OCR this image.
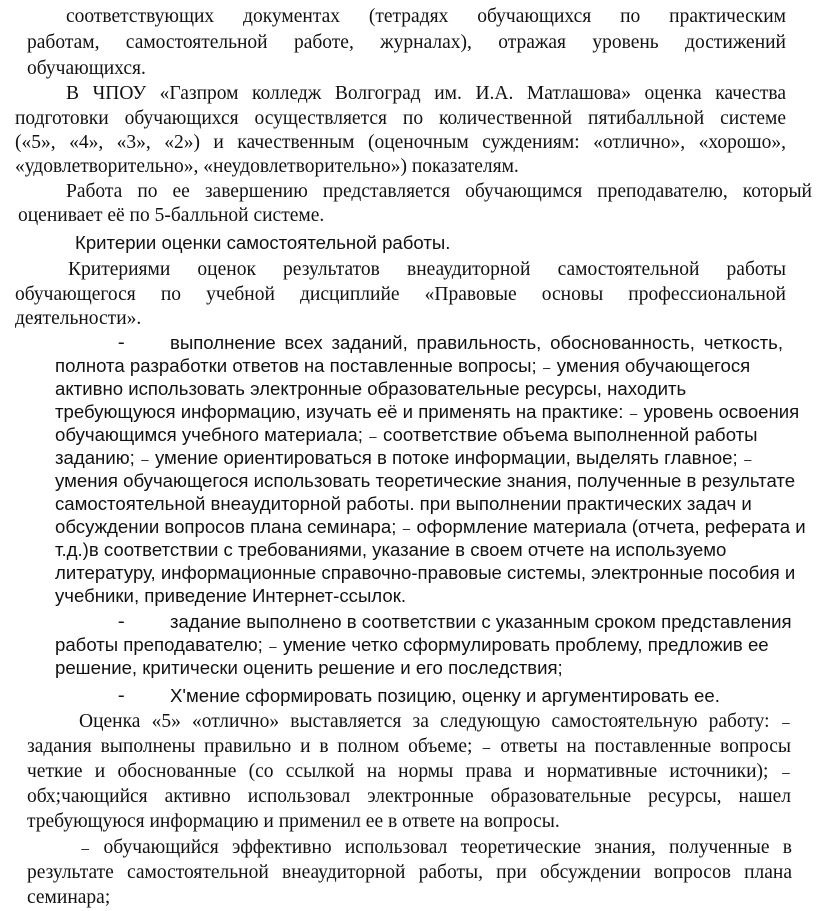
соответствующих документах (тетрадях обучающихся по практическим
работам, самостоятельной работе, журналах), отражая уровень достижений
обучающихся.
В ЧПОУ «Газпром колледж Волгоград им. И.А. Матлашова» оценка качества
подготовки обучающихся осуществляется по количественной пятибалльной системе
(«5», «4», «3», «2») и качественным (оценочным суждениям: «отлично», «хорошо»,
«удовлетворительно», «неудовлетворительно») показателям.
Работа по ее завершению представляется обучающимся преподавателю, который
оценивает её по 5-балльной системе.
Критерии оценки самостоятельной работы.
Критериями оценок результатов внеаудиторной самостоятельной работы
обучающегося по учебной дисциплийе «Правовые основы профессиональной
деятельности».
- выполнение всех заданий, правильность, обоснованность, четкость,
полнота разработки ответов на поставленные вопросы; ₋ умения обучающегося
активно использовать электронные образовательные ресурсы, находить
требующуюся информацию, изучать её и применять на практике: ₋ уровень освоения
обучающимся учебного материала; ₋ соответствие объема выполненной работы
заданию; ₋ умение ориентироваться в потоке информации, выделять главное; ₋
умения обучающегося использовать теоретические знания, полученные в результате
самостоятельной внеаудиторной работы. при выполнении практических задач и
обсуждении вопросов плана семинара; ₋ оформление материала (отчета, реферата и
т.д.)в соответствии с требованиями, указание в своем отчете на используемо
литературу, информационные справочно-правовые системы, электронные пособия и
учебники, приведение Интернет-ссылок.
- задание выполнено в соответствии с указанным сроком представления
работы преподавателю; ₋ умение четко сформулировать проблему, предложив ее
решение, критически оценить решение и его последствия;
- Х'мение сформировать позицию, оценку и аргументировать ее.
Оценка «5» «отлично» выставляется за следующую самостоятельную работу: ₋
задания выполнены правильно и в полном объеме; ₋ ответы на поставленные вопросы
четкие и обоснованные (со ссылкой на нормы права и нормативные источники); ₋
обх;чающийся активно использовал электронные образовательные ресурсы, нашел
требующуюся информацию и применил ее в ответе на вопросы.
₋ обучающийся эффективно использовал теоретические знания, полученные в
результате самостоятельной внеаудиторной работы, при обсуждении вопросов плана
семинара;
